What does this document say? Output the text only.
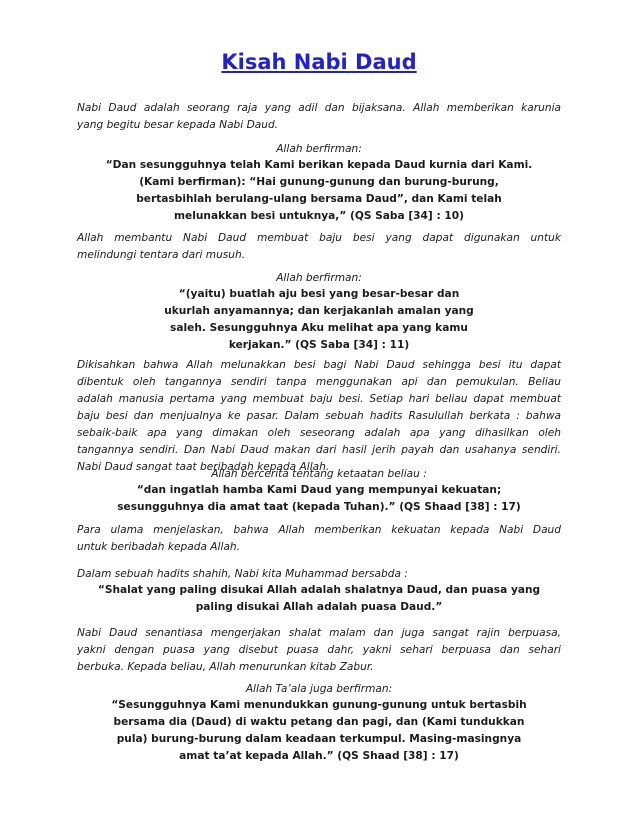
Kisah Nabi Daud
Nabi Daud adalah seorang raja yang adil dan bijaksana. Allah memberikan karunia
yang begitu besar kepada Nabi Daud.
Allah berfirman:
“Dan sesungguhnya telah Kami berikan kepada Daud kurnia dari Kami.
(Kami berfirman): “Hai gunung-gunung dan burung-burung,
bertasbihlah berulang-ulang bersama Daud”, dan Kami telah
melunakkan besi untuknya,” (QS Saba [34] : 10)
Allah membantu Nabi Daud membuat baju besi yang dapat digunakan untuk
melindungi tentara dari musuh.
Allah berfirman:
“(yaitu) buatlah aju besi yang besar-besar dan
ukurlah anyamannya; dan kerjakanlah amalan yang
saleh. Sesungguhnya Aku melihat apa yang kamu
kerjakan.” (QS Saba [34] : 11)
Dikisahkan bahwa Allah melunakkan besi bagi Nabi Daud sehingga besi itu dapat
dibentuk oleh tangannya sendiri tanpa menggunakan api dan pemukulan. Beliau
adalah manusia pertama yang membuat baju besi. Setiap hari beliau dapat membuat
baju besi dan menjualnya ke pasar. Dalam sebuah hadits Rasulullah berkata : bahwa
sebaik-baik apa yang dimakan oleh seseorang adalah apa yang dihasilkan oleh
tangannya sendiri. Dan Nabi Daud makan dari hasil jerih payah dan usahanya sendiri.
Nabi Daud sangat taat beribadah kepada Allah.
Allah bercerita tentang ketaatan beliau :
“dan ingatlah hamba Kami Daud yang mempunyai kekuatan;
sesungguhnya dia amat taat (kepada Tuhan).” (QS Shaad [38] : 17)
Para ulama menjelaskan, bahwa Allah memberikan kekuatan kepada Nabi Daud
untuk beribadah kepada Allah.
Dalam sebuah hadits shahih, Nabi kita Muhammad bersabda :
“Shalat yang paling disukai Allah adalah shalatnya Daud, dan puasa yang
paling disukai Allah adalah puasa Daud.”
Nabi Daud senantiasa mengerjakan shalat malam dan juga sangat rajin berpuasa,
yakni dengan puasa yang disebut puasa dahr, yakni sehari berpuasa dan sehari
berbuka. Kepada beliau, Allah menurunkan kitab Zabur.
Allah Ta’ala juga berfirman:
“Sesungguhnya Kami menundukkan gunung-gunung untuk bertasbih
bersama dia (Daud) di waktu petang dan pagi, dan (Kami tundukkan
pula) burung-burung dalam keadaan terkumpul. Masing-masingnya
amat ta’at kepada Allah.” (QS Shaad [38] : 17)
